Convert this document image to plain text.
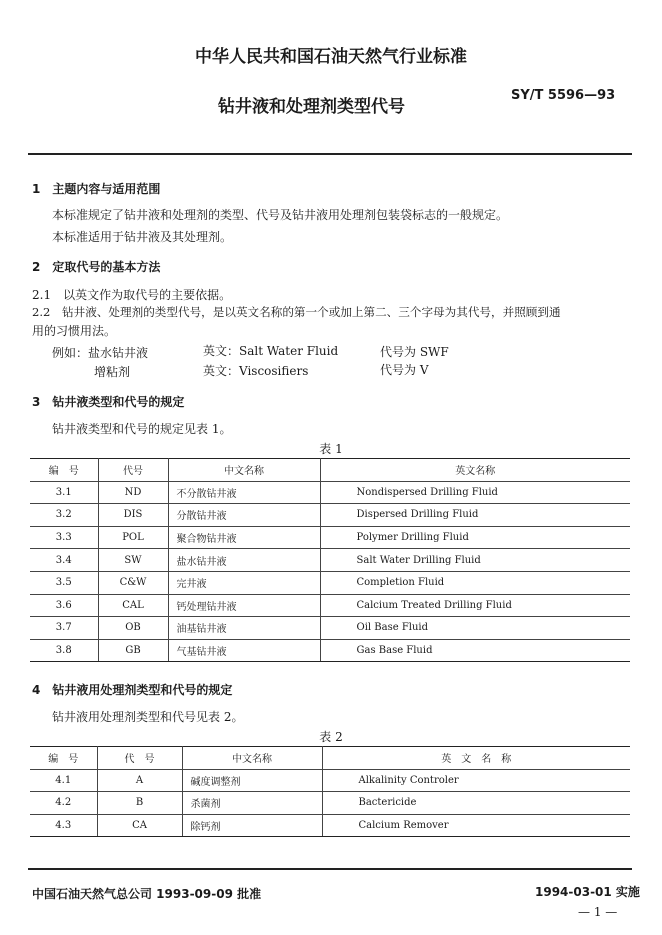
中华人民共和国石油天然气行业标准
钻井液和处理剂类型代号
SY/T 5596—93
1　主题内容与适用范围
本标准规定了钻井液和处理剂的类型、代号及钻井液用处理剂包装袋标志的一般规定。
本标准适用于钻井液及其处理剂。
2　定取代号的基本方法
2.1　以英文作为取代号的主要依据。
2.2　钻井液、处理剂的类型代号，是以英文名称的第一个或加上第二、三个字母为其代号，并照顾到通
用的习惯用法。
例如：盐水钻井液	英文：Salt Water Fluid	代号为 SWF
增粘剂	英文：Viscosifiers	代号为 V
3　钻井液类型和代号的规定
钻井液类型和代号的规定见表 1。
表 1
编　号	代号	中文名称	英文名称
3.1	ND	不分散钻井液	Nondispersed Drilling Fluid
3.2	DIS	分散钻井液	Dispersed Drilling Fluid
3.3	POL	聚合物钻井液	Polymer Drilling Fluid
3.4	SW	盐水钻井液	Salt Water Drilling Fluid
3.5	C&W	完井液	Completion Fluid
3.6	CAL	钙处理钻井液	Calcium Treated Drilling Fluid
3.7	OB	油基钻井液	Oil Base Fluid
3.8	GB	气基钻井液	Gas Base Fluid
4　钻井液用处理剂类型和代号的规定
钻井液用处理剂类型和代号见表 2。
表 2
编　号	代　号	中文名称	英　文　名　称
4.1	A	碱度调整剂	Alkalinity Controler
4.2	B	杀菌剂	Bactericide
4.3	CA	除钙剂	Calcium Remover
中国石油天然气总公司 1993-09-09 批准	1994-03-01 实施
— 1 —
